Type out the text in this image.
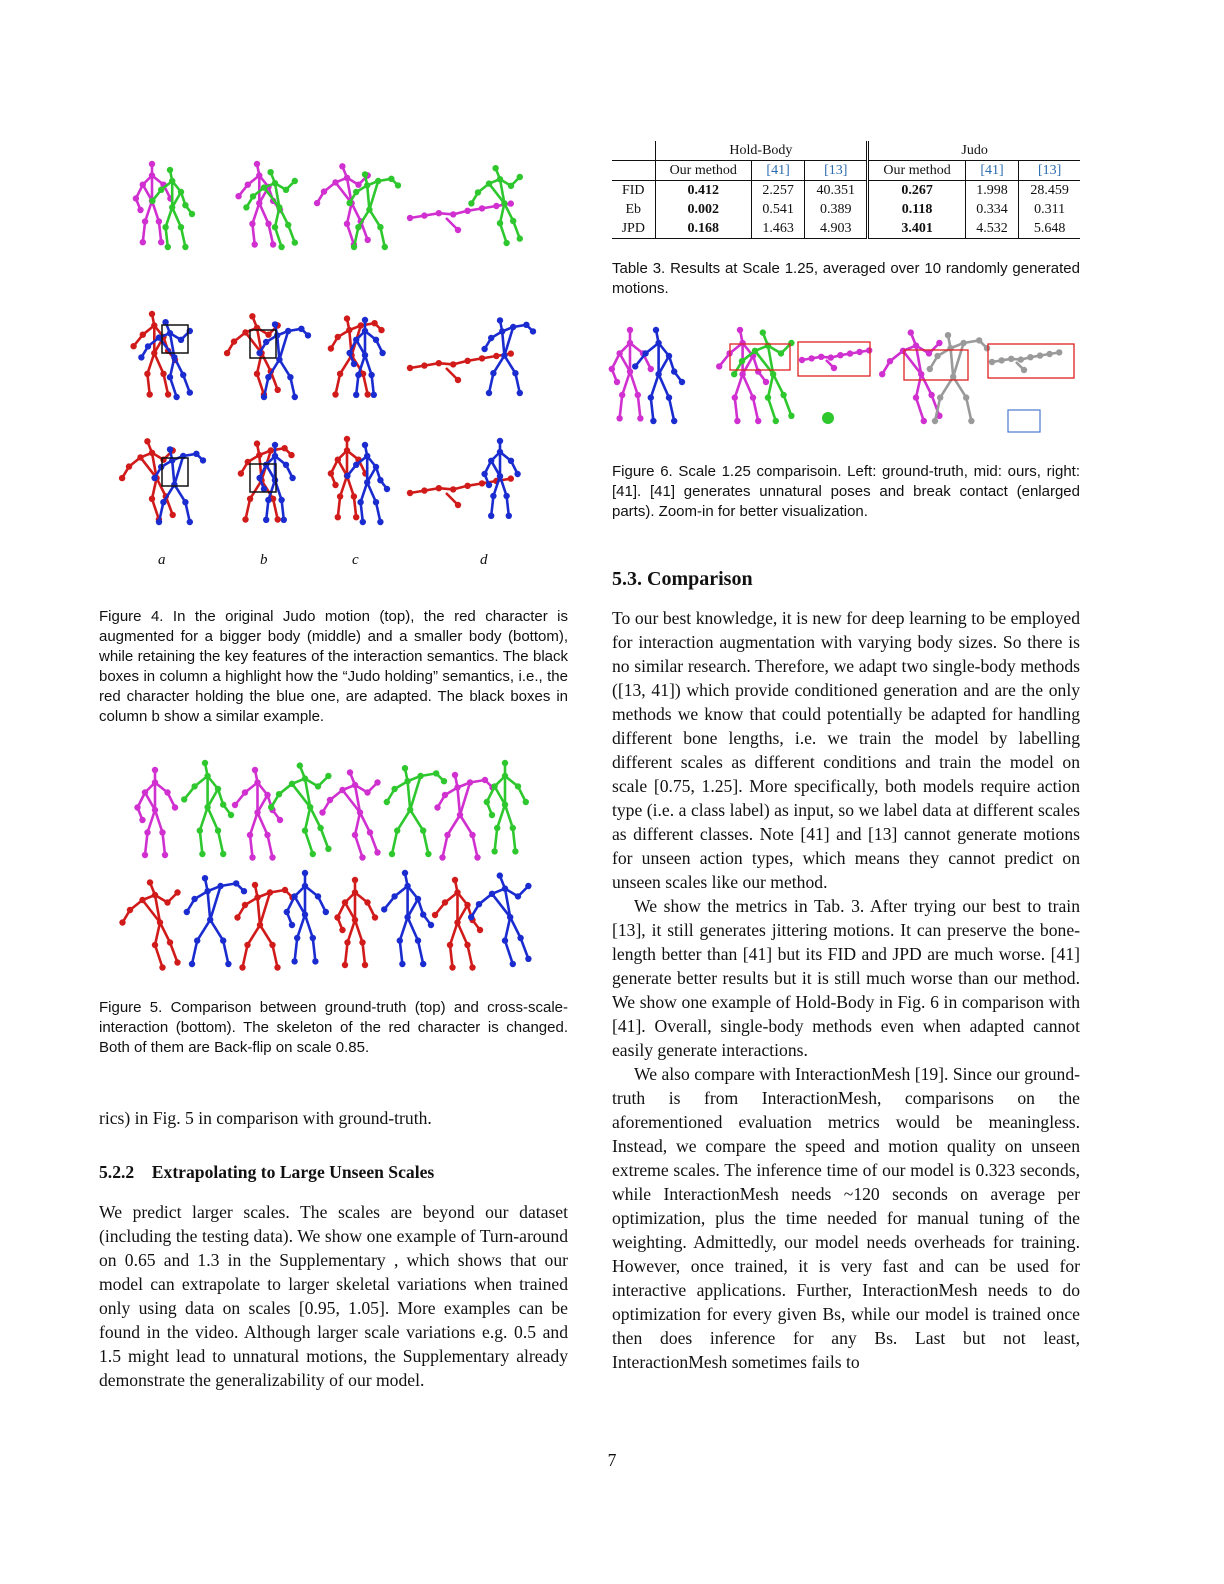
a	b	c	d
Figure 4. In the original Judo motion (top), the red character is augmented for a bigger body (middle) and a smaller body (bottom), while retaining the key features of the interaction semantics. The black boxes in column a highlight how the “Judo holding” semantics, i.e., the red character holding the blue one, are adapted. The black boxes in column b show a similar example.
Figure 5. Comparison between ground-truth (top) and cross-scale-interaction (bottom). The skeleton of the red character is changed. Both of them are Back-flip on scale 0.85.

rics) in Fig. 5 in comparison with ground-truth.

5.2.2 Extrapolating to Large Unseen Scales

We predict larger scales. The scales are beyond our dataset (including the testing data). We show one example of Turn-around on 0.65 and 1.3 in the Supplementary , which shows that our model can extrapolate to larger skeletal variations when trained only using data on scales [0.95, 1.05]. More examples can be found in the video. Although larger scale variations e.g. 0.5 and 1.5 might lead to unnatural motions, the Supplementary already demonstrate the generalizability of our model.

	Hold-Body			Judo		
	Our method	[41]	[13]	Our method	[41]	[13]
FID	0.412	2.257	40.351	0.267	1.998	28.459
Eb	0.002	0.541	0.389	0.118	0.334	0.311
JPD	0.168	1.463	4.903	3.401	4.532	5.648
Table 3. Results at Scale 1.25, averaged over 10 randomly generated motions.
Figure 6. Scale 1.25 comparisoin. Left: ground-truth, mid: ours, right: [41]. [41] generates unnatural poses and break contact (enlarged parts). Zoom-in for better visualization.
5.3. Comparison

To our best knowledge, it is new for deep learning to be employed for interaction augmentation with varying body sizes. So there is no similar research. Therefore, we adapt two single-body methods ([13, 41]) which provide conditioned generation and are the only methods we know that could potentially be adapted for handling different bone lengths, i.e. we train the model by labelling different scales as different conditions and train the model on scale [0.75, 1.25]. More specifically, both models require action type (i.e. a class label) as input, so we label data at different scales as different classes. Note [41] and [13] cannot generate motions for unseen action types, which means they cannot predict on unseen scales like our method.

We show the metrics in Tab. 3. After trying our best to train [13], it still generates jittering motions. It can preserve the bone-length better than [41] but its FID and JPD are much worse. [41] generate better results but it is still much worse than our method. We show one example of Hold-Body in Fig. 6 in comparison with [41]. Overall, single-body methods even when adapted cannot easily generate interactions.

We also compare with InteractionMesh [19]. Since our ground-truth is from InteractionMesh, comparisons on the aforementioned evaluation metrics would be meaningless. Instead, we compare the speed and motion quality on unseen extreme scales. The inference time of our model is 0.323 seconds, while InteractionMesh needs ~120 seconds on average per optimization, plus the time needed for manual tuning of the weighting. Admittedly, our model needs overheads for training. However, once trained, it is very fast and can be used for interactive applications. Further, InteractionMesh needs to do optimization for every given Bs, while our model is trained once then does inference for any Bs. Last but not least, InteractionMesh sometimes fails to

7
